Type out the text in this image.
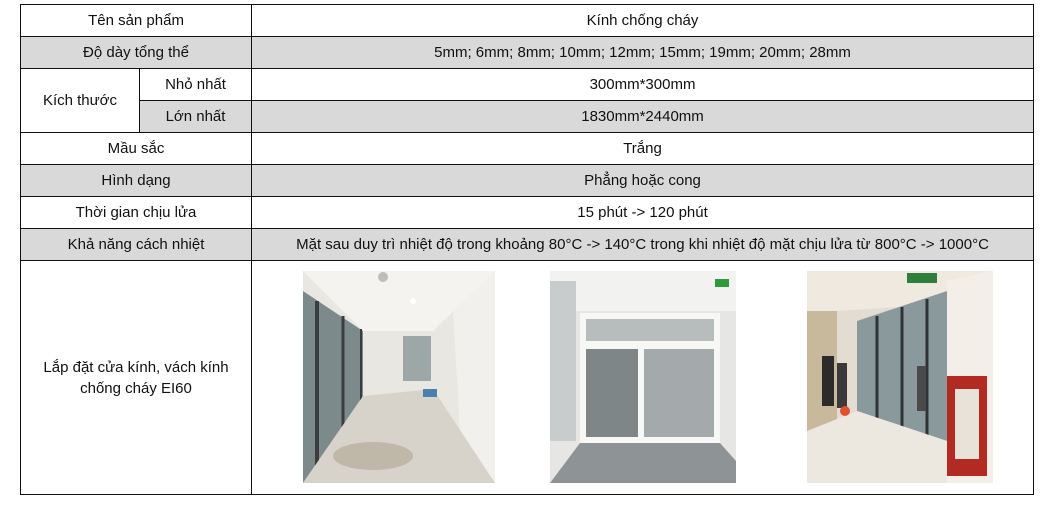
Tên sản phẩm		Kính chống cháy
Độ dày tổng thể		5mm; 6mm; 8mm; 10mm; 12mm; 15mm; 19mm; 20mm; 28mm
Kích thước	Nhỏ nhất	300mm*300mm
	Lớn nhất	1830mm*2440mm
Mầu sắc		Trắng
Hình dạng		Phẳng hoặc cong
Thời gian chịu lửa		15 phút -> 120 phút
Khả năng cách nhiệt		Mặt sau duy trì nhiệt độ trong khoảng 80°C -> 140°C trong khi nhiệt độ mặt chịu lửa từ 800°C -> 1000°C
Lắp đặt cửa kính, vách kính chống cháy EI60	
